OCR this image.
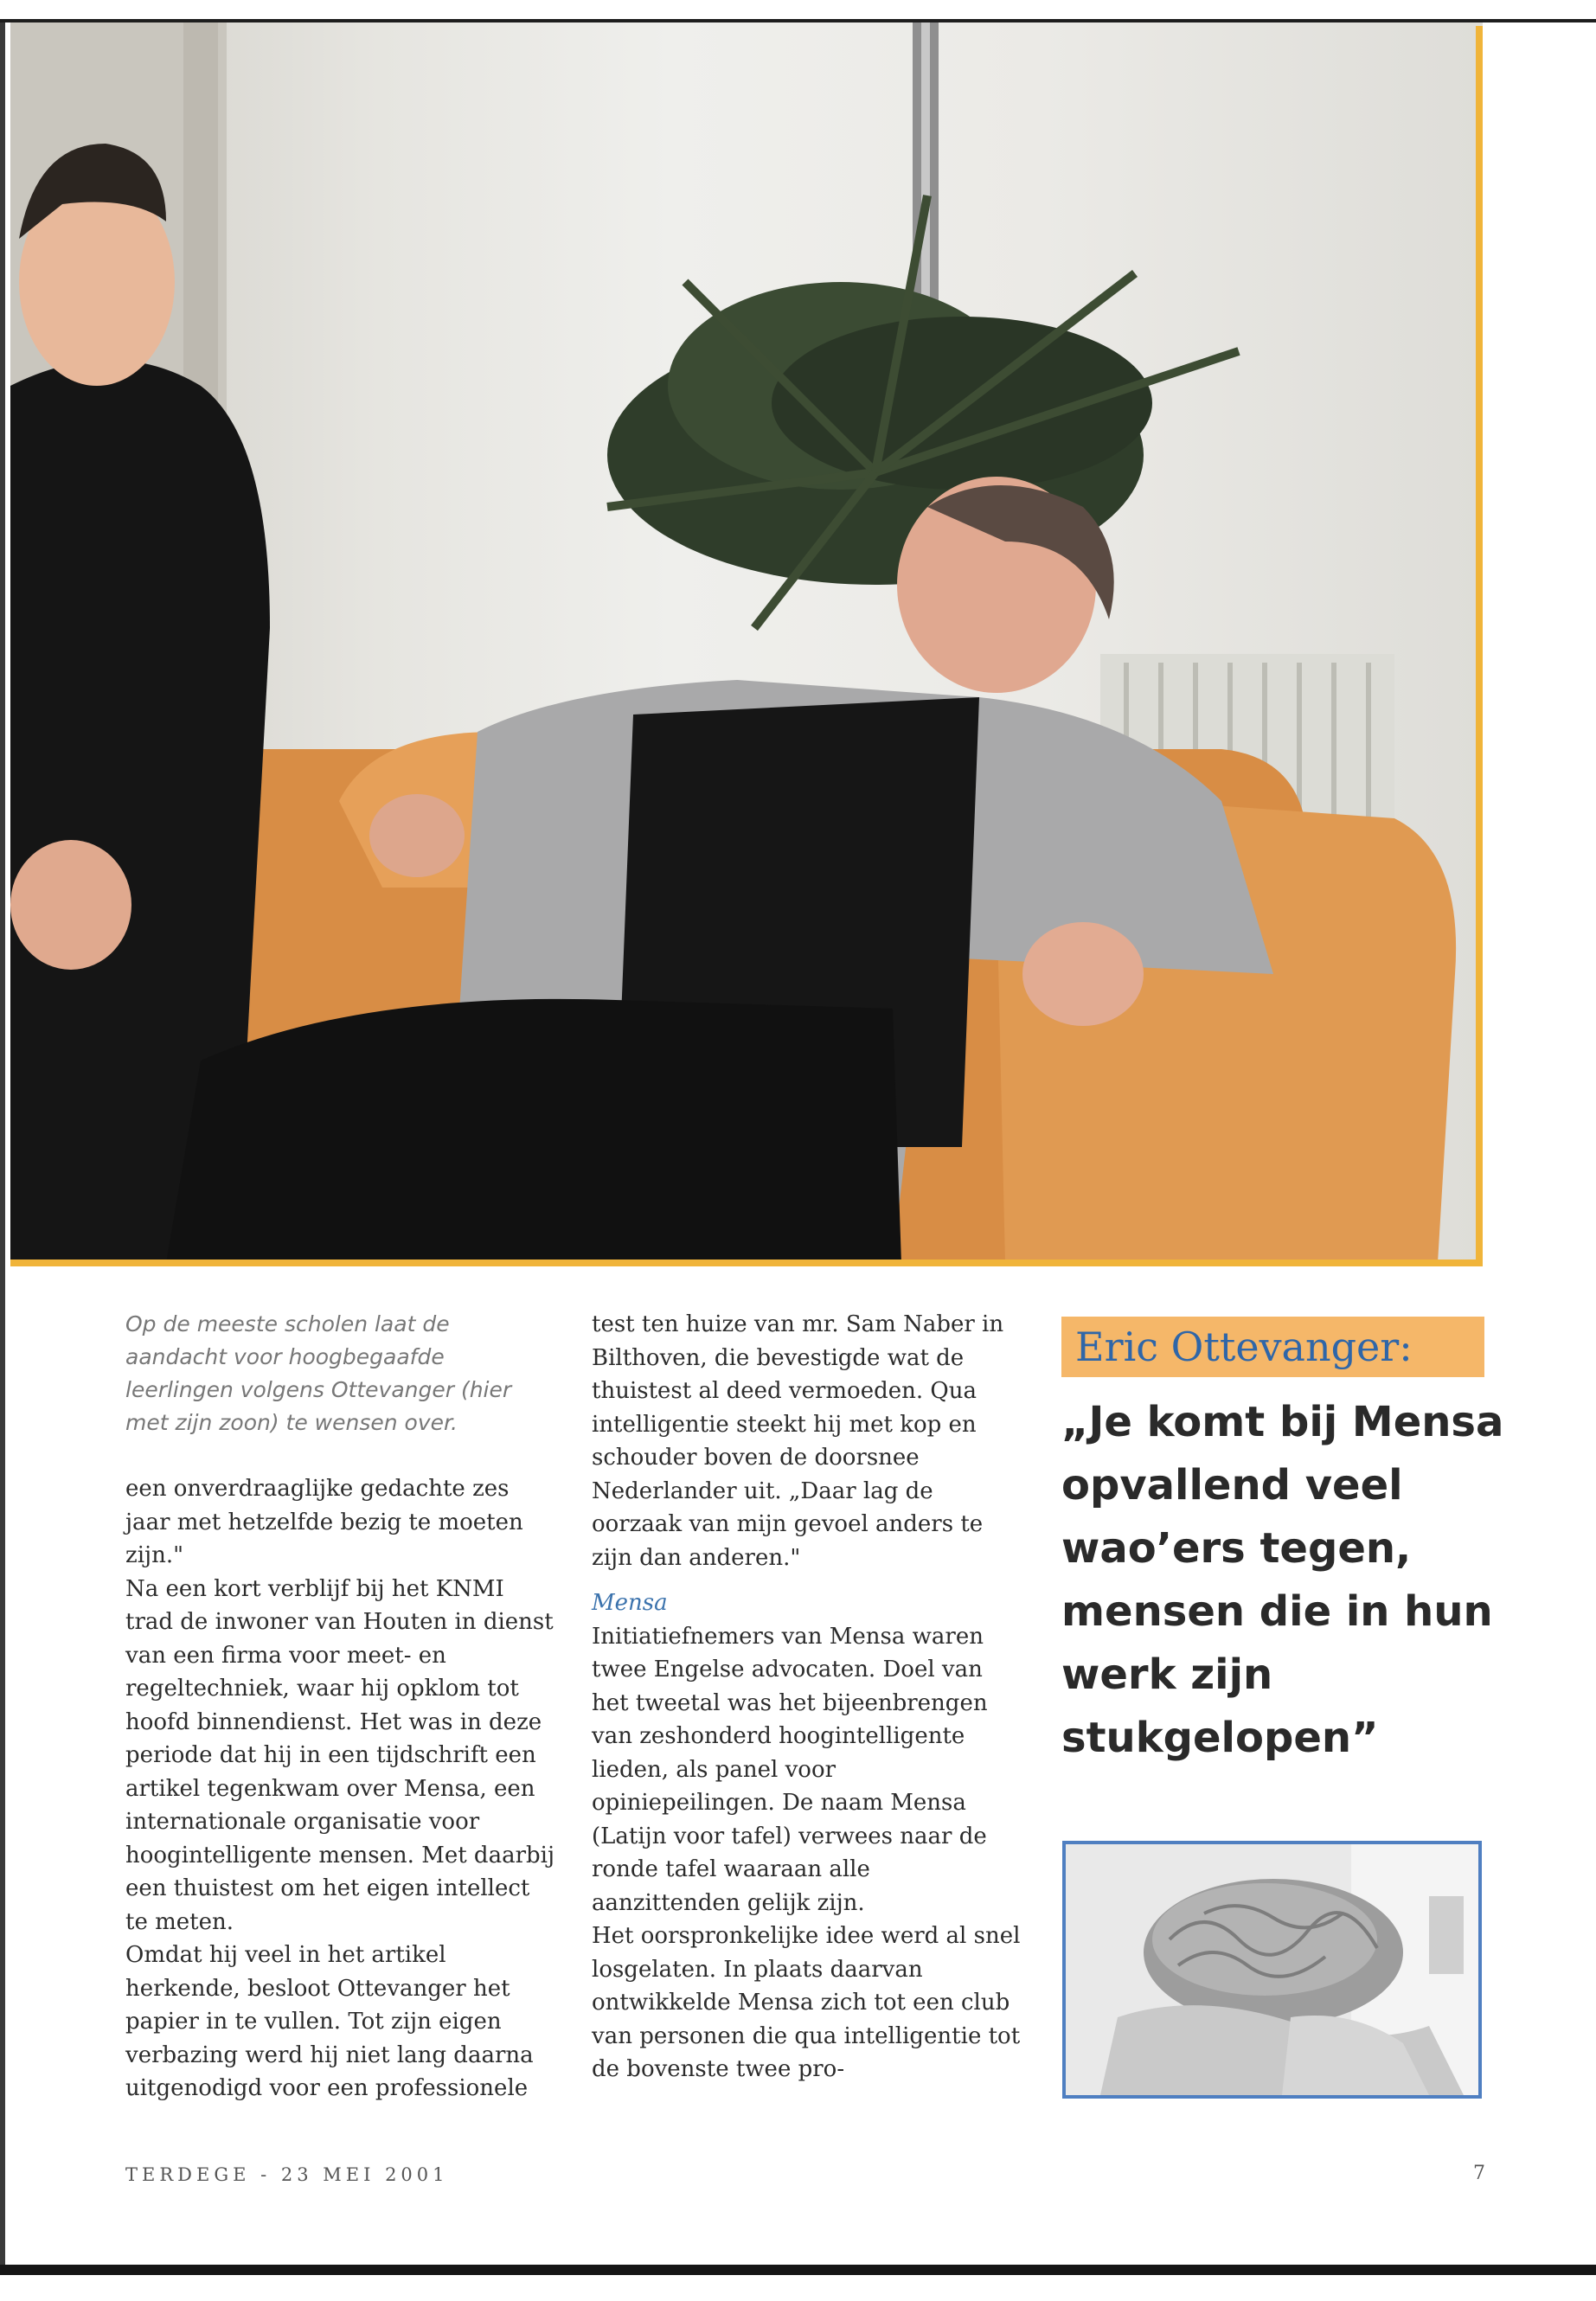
Op de meeste scholen laat de aandacht voor hoogbegaafde leerlingen volgens Ottevanger (hier met zijn zoon) te wensen over.

een onverdraaglijke gedachte zes jaar met hetzelfde bezig te moeten zijn."

Na een kort verblijf bij het KNMI trad de inwoner van Houten in dienst van een firma voor meet- en regeltechniek, waar hij opklom tot hoofd binnendienst. Het was in deze periode dat hij in een tijdschrift een artikel tegenkwam over Mensa, een internationale organisatie voor hoogintelligente mensen. Met daarbij een thuistest om het eigen intellect te meten.

Omdat hij veel in het artikel herkende, besloot Ottevanger het papier in te vullen. Tot zijn eigen verbazing werd hij niet lang daarna uitgenodigd voor een professionele

test ten huize van mr. Sam Naber in Bilthoven, die bevestigde wat de thuistest al deed vermoeden. Qua intelligentie steekt hij met kop en schouder boven de doorsnee Nederlander uit. „Daar lag de oorzaak van mijn gevoel anders te zijn dan anderen."

Mensa

Initiatiefnemers van Mensa waren twee Engelse advocaten. Doel van het tweetal was het bijeenbrengen van zeshonderd hoogintelligente lieden, als panel voor opiniepeilingen. De naam Mensa (Latijn voor tafel) verwees naar de ronde tafel waaraan alle aanzittenden gelijk zijn.

Het oorspronkelijke idee werd al snel losgelaten. In plaats daarvan ontwikkelde Mensa zich tot een club van personen die qua intelligentie tot de bovenste twee pro-

Eric Ottevanger:
„Je komt bij Mensa opvallend veel wao’ers tegen, mensen die in hun werk zijn stukgelopen”
TERDEGE - 23 MEI 2001	7
